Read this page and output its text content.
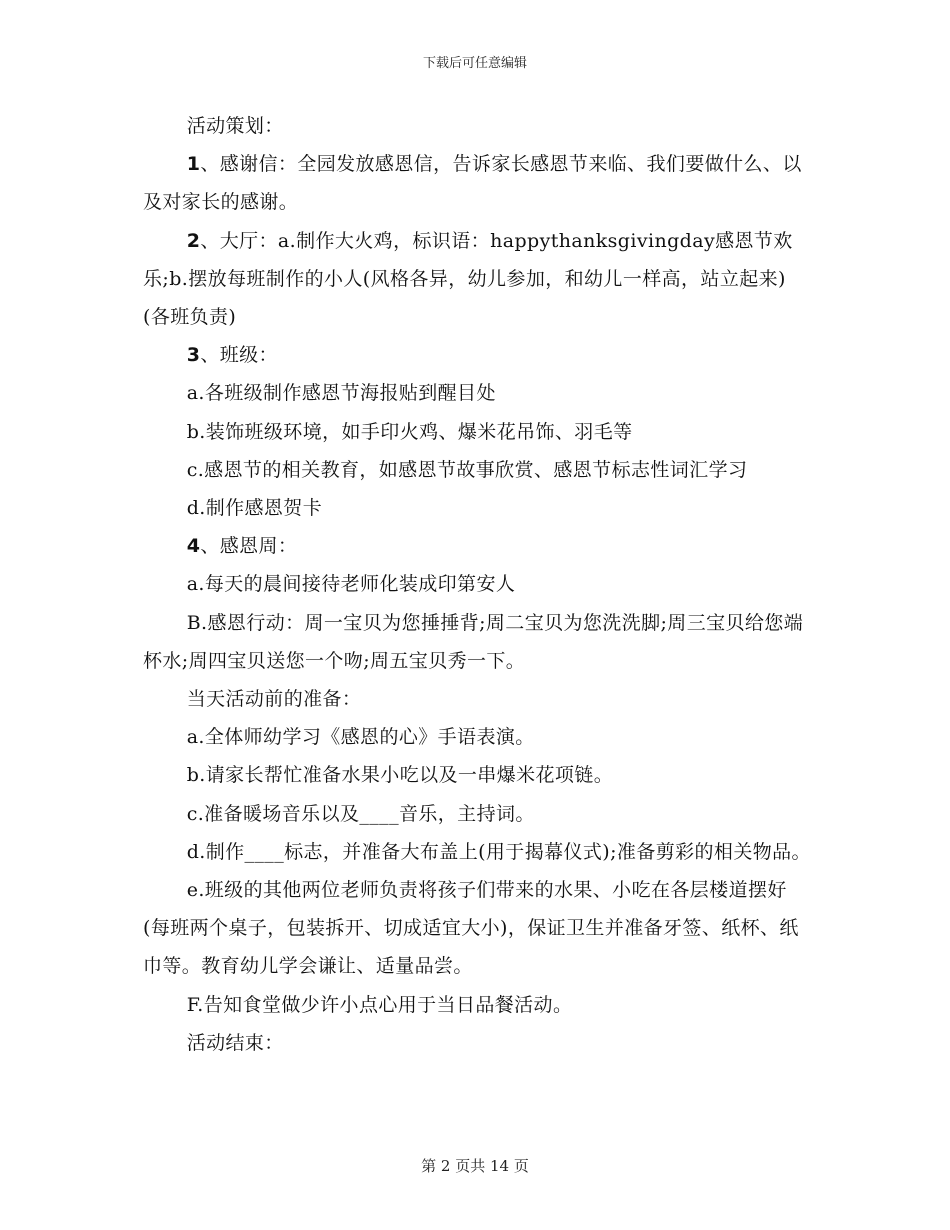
下载后可任意编辑

活动策划：

1、感谢信：全园发放感恩信，告诉家长感恩节来临、我们要做什么、以及对家长的感谢。

2、大厅：a.制作大火鸡，标识语：happythanksgivingday感恩节欢乐;b.摆放每班制作的小人(风格各异，幼儿参加，和幼儿一样高，站立起来)(各班负责)

3、班级：

a.各班级制作感恩节海报贴到醒目处

b.装饰班级环境，如手印火鸡、爆米花吊饰、羽毛等

c.感恩节的相关教育，如感恩节故事欣赏、感恩节标志性词汇学习

d.制作感恩贺卡

4、感恩周：

a.每天的晨间接待老师化装成印第安人

B.感恩行动：周一宝贝为您捶捶背;周二宝贝为您洗洗脚;周三宝贝给您端杯水;周四宝贝送您一个吻;周五宝贝秀一下。

当天活动前的准备：

a.全体师幼学习《感恩的心》手语表演。

b.请家长帮忙准备水果小吃以及一串爆米花项链。

c.准备暖场音乐以及____音乐，主持词。

d.制作____标志，并准备大布盖上(用于揭幕仪式);准备剪彩的相关物品。

e.班级的其他两位老师负责将孩子们带来的水果、小吃在各层楼道摆好(每班两个桌子，包装拆开、切成适宜大小)，保证卫生并准备牙签、纸杯、纸巾等。教育幼儿学会谦让、适量品尝。

F.告知食堂做少许小点心用于当日品餐活动。

活动结束：

第 2 页共 14 页
